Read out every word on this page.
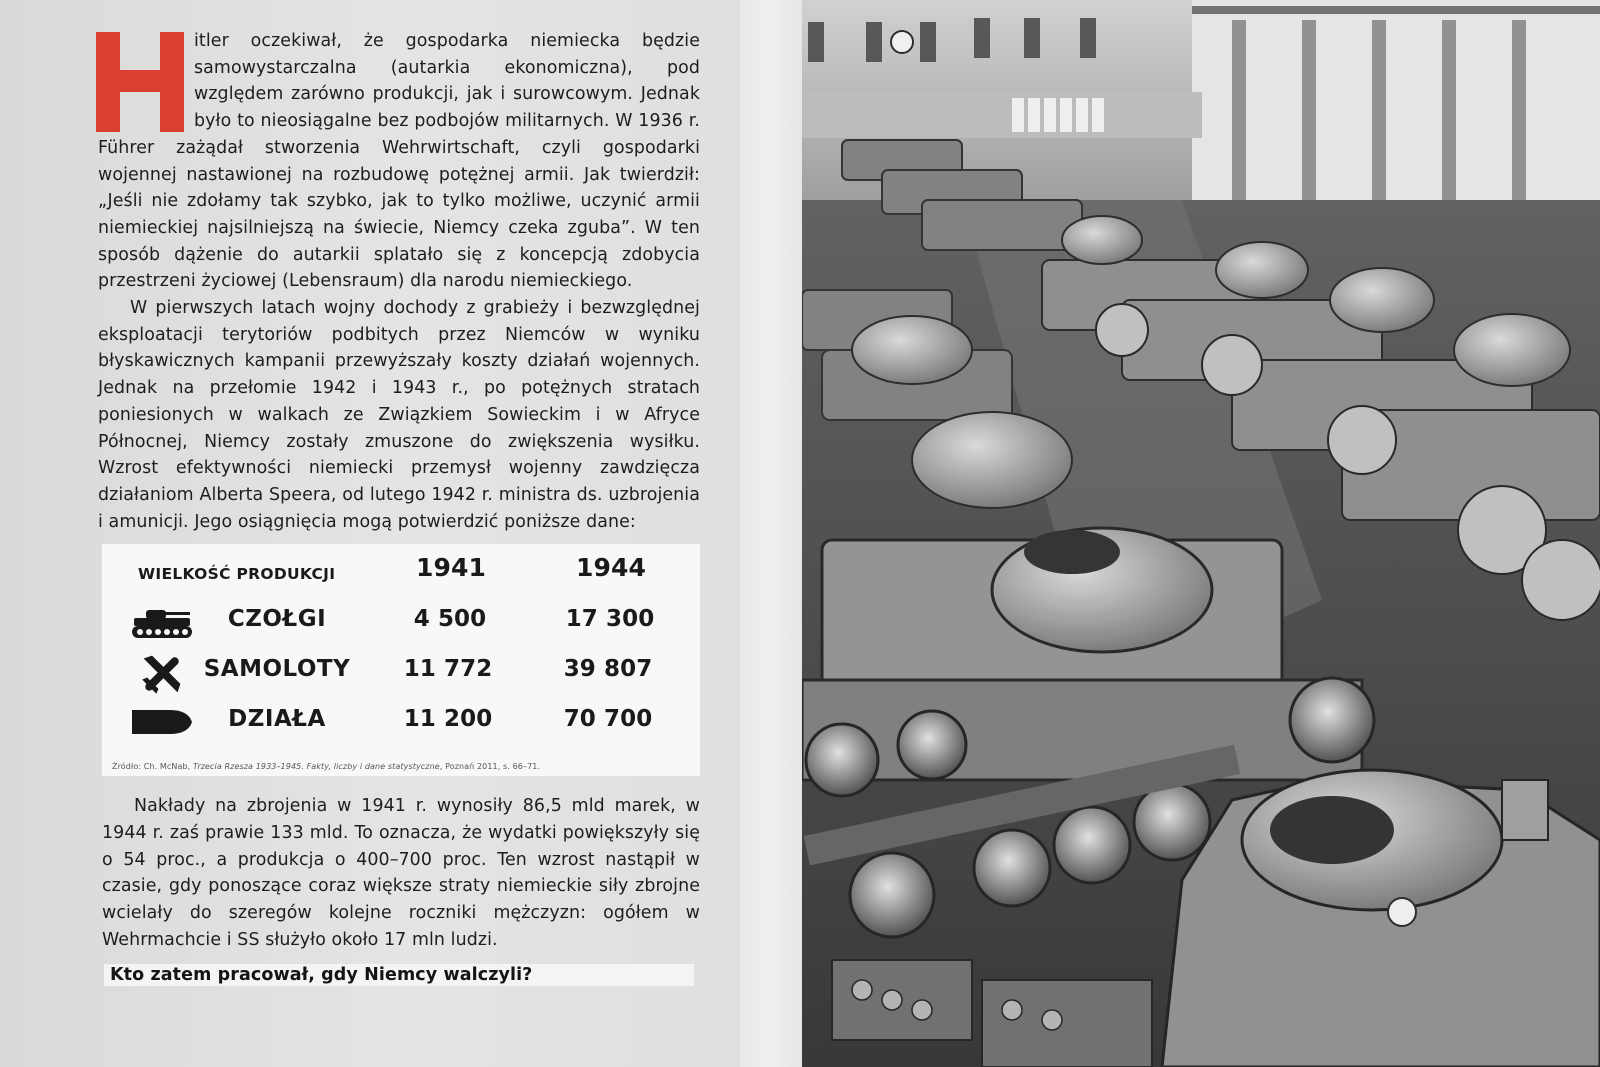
itler oczekiwał, że gospodarka niemiecka będzie samowystarczalna (autarkia ekonomiczna), pod względem zarówno produkcji, jak i surowcowym. Jednak było to nieosiągalne bez podbojów militarnych. W 1936 r. Führer zażądał stworzenia Wehrwirtschaft, czyli gospodarki wojennej nastawionej na rozbudowę potężnej armii. Jak twierdził: „Jeśli nie zdołamy tak szybko, jak to tylko możliwe, uczynić armii niemieckiej najsilniejszą na świecie, Niemcy czeka zguba”. W ten sposób dążenie do autarkii splatało się z koncepcją zdobycia przestrzeni życiowej (Lebensraum) dla narodu niemieckiego.

W pierwszych latach wojny dochody z grabieży i bezwzględnej eksploatacji terytoriów podbitych przez Niemców w wyniku błyskawicznych kampanii przewyższały koszty działań wojennych. Jednak na przełomie 1942 i 1943 r., po potężnych stratach poniesionych w walkach ze Związkiem Sowieckim i w Afryce Północnej, Niemcy zostały zmuszone do zwiększenia wysiłku. Wzrost efektywności niemiecki przemysł wojenny zawdzięcza działaniom Alberta Speera, od lutego 1942 r. ministra ds. uzbrojenia i amunicji. Jego osiągnięcia mogą potwierdzić poniższe dane:

WIELKOŚĆ PRODUKCJI	1941	1944
CZOŁGI	4 500	17 300
SAMOLOTY	11 772	39 807
DZIAŁA	11 200	70 700
Źródło: Ch. McNab, Trzecia Rzesza 1933–1945. Fakty, liczby i dane statystyczne, Poznań 2011, s. 66–71.

Nakłady na zbrojenia w 1941 r. wynosiły 86,5 mld marek, w 1944 r. zaś prawie 133 mld. To oznacza, że wydatki powiększyły się o 54 proc., a produkcja o 400–700 proc. Ten wzrost nastąpił w czasie, gdy ponoszące coraz większe straty niemieckie siły zbrojne wcielały do szeregów kolejne roczniki mężczyzn: ogółem w Wehrmachcie i SS służyło około 17 mln ludzi.

Kto zatem pracował, gdy Niemcy walczyli?
